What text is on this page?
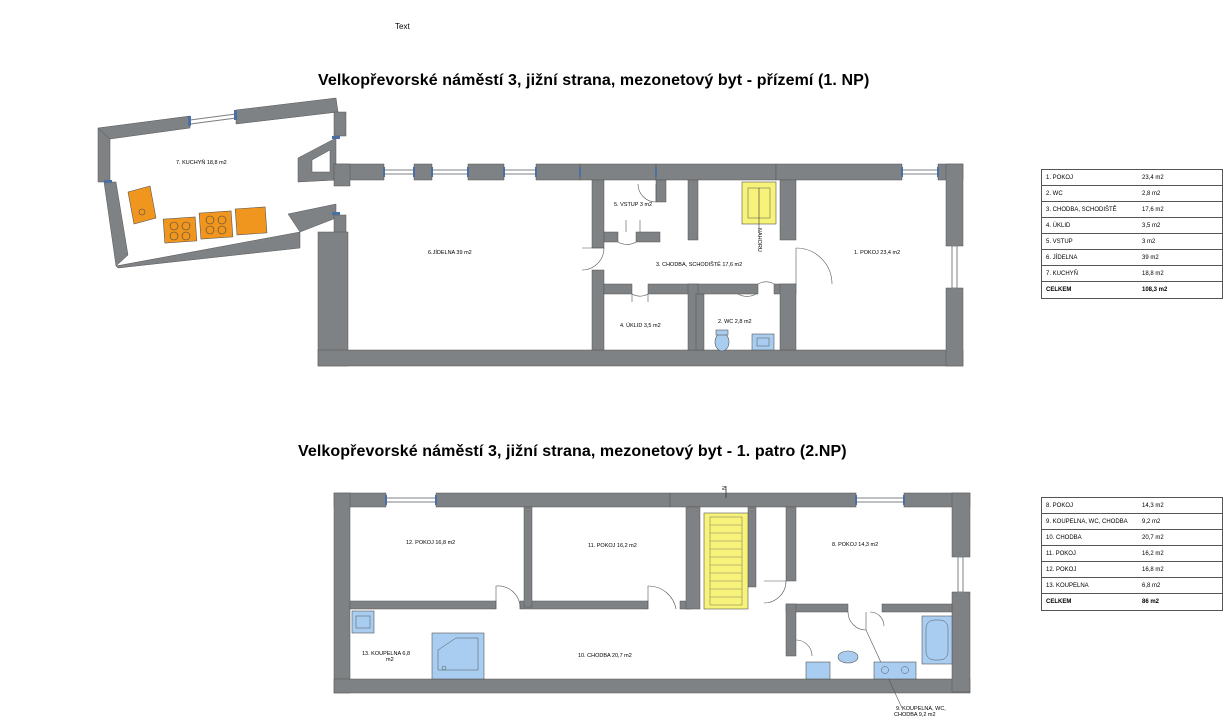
Text
Velkopřevorské náměstí 3, jižní strana, mezonetový byt - přízemí (1. NP)
Velkopřevorské náměstí 3, jižní strana, mezonetový byt - 1. patro (2.NP)
7. KUCHYŇ 18,8 m2
6.JÍDELNA 39 m2
5. VSTUP 3 m2
3. CHODBA, SCHODIŠTĚ 17,6 m2
1. POKOJ 23,4 m2
4. ÚKLID 3,5 m2
2. WC 2,8 m2
NAHORU
12. POKOJ 16,8 m2	11. POKOJ 16,2 m2	8. POKOJ 14,3 m2
10. CHODBA 20,7 m2
13. KOUPELNA 6,8
m2
9. KOUPELNA, WC,
CHODBA 9,2 m2
N
1. POKOJ	23,4 m2
2. WC	2,8 m2
3. CHODBA, SCHODIŠTĚ	17,6 m2
4. ÚKLID	3,5 m2
5. VSTUP	3 m2
6. JÍDELNA	39 m2
7. KUCHYŇ	18,8 m2
CELKEM	108,3 m2
8. POKOJ	14,3 m2
9. KOUPELNA, WC, CHODBA	9,2 m2
10. CHODBA	20,7 m2
11. POKOJ	16,2 m2
12. POKOJ	16,8 m2
13. KOUPELNA	6,8 m2
CELKEM	86 m2
